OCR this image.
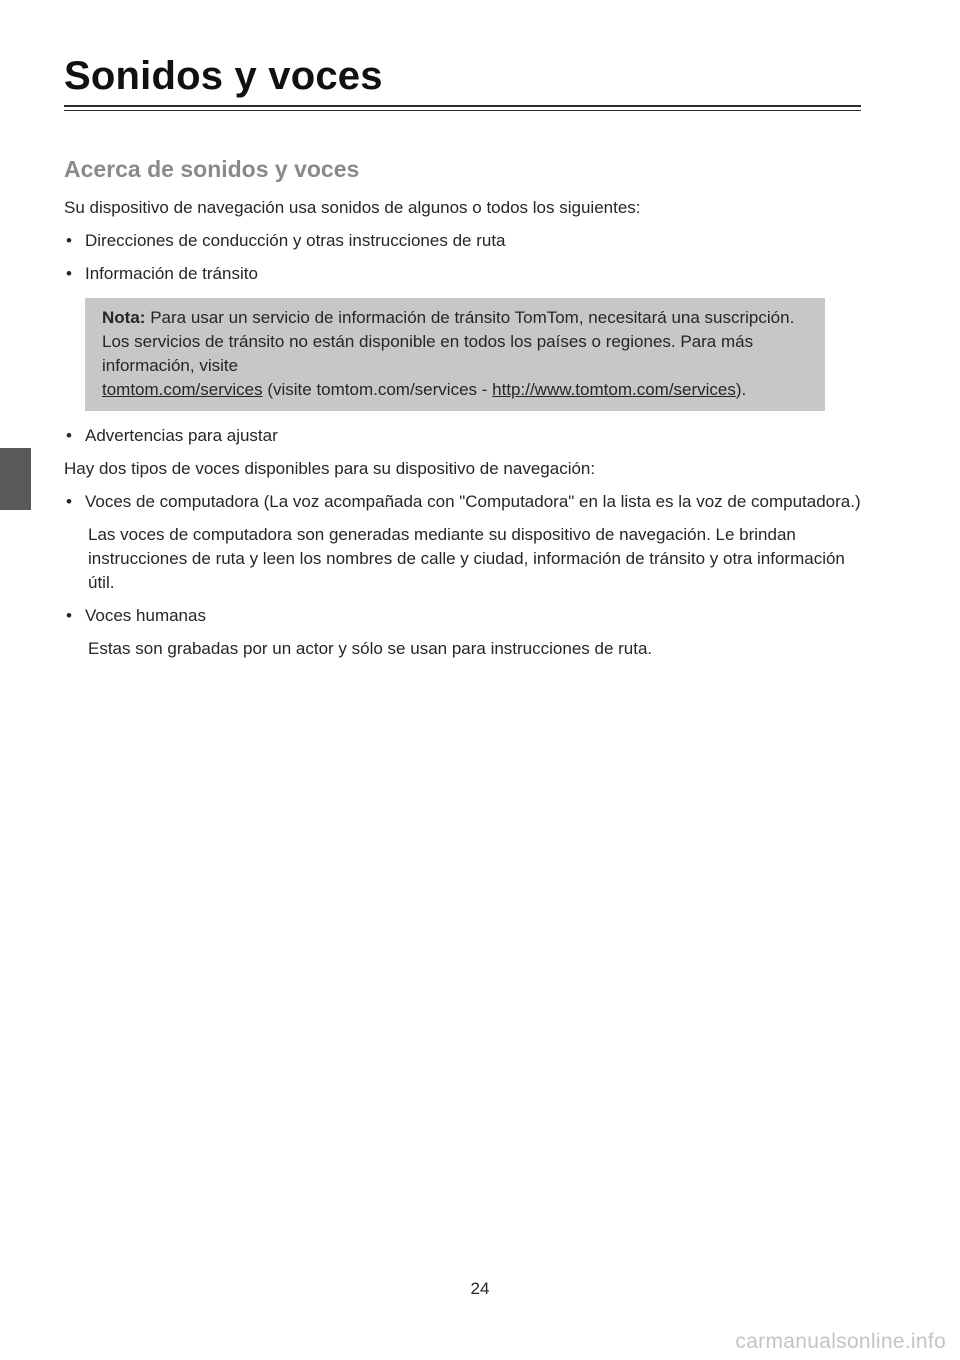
Sonidos y voces
Acerca de sonidos y voces

Su dispositivo de navegación usa sonidos de algunos o todos los siguientes:

• Direcciones de conducción y otras instrucciones de ruta
• Información de tránsito

Nota: Para usar un servicio de información de tránsito TomTom, necesitará una suscripción. Los servicios de tránsito no están disponible en todos los países o regiones. Para más información, visite
tomtom.com/services (visite tomtom.com/services - http://www.tomtom.com/services).

• Advertencias para ajustar

Hay dos tipos de voces disponibles para su dispositivo de navegación:

• Voces de computadora (La voz acompañada con "Computadora" en la lista es la voz de computadora.)

Las voces de computadora son generadas mediante su dispositivo de navegación. Le brindan instrucciones de ruta y leen los nombres de calle y ciudad, información de tránsito y otra información útil.

• Voces humanas

Estas son grabadas por un actor y sólo se usan para instrucciones de ruta.

24
carmanualsonline.info
